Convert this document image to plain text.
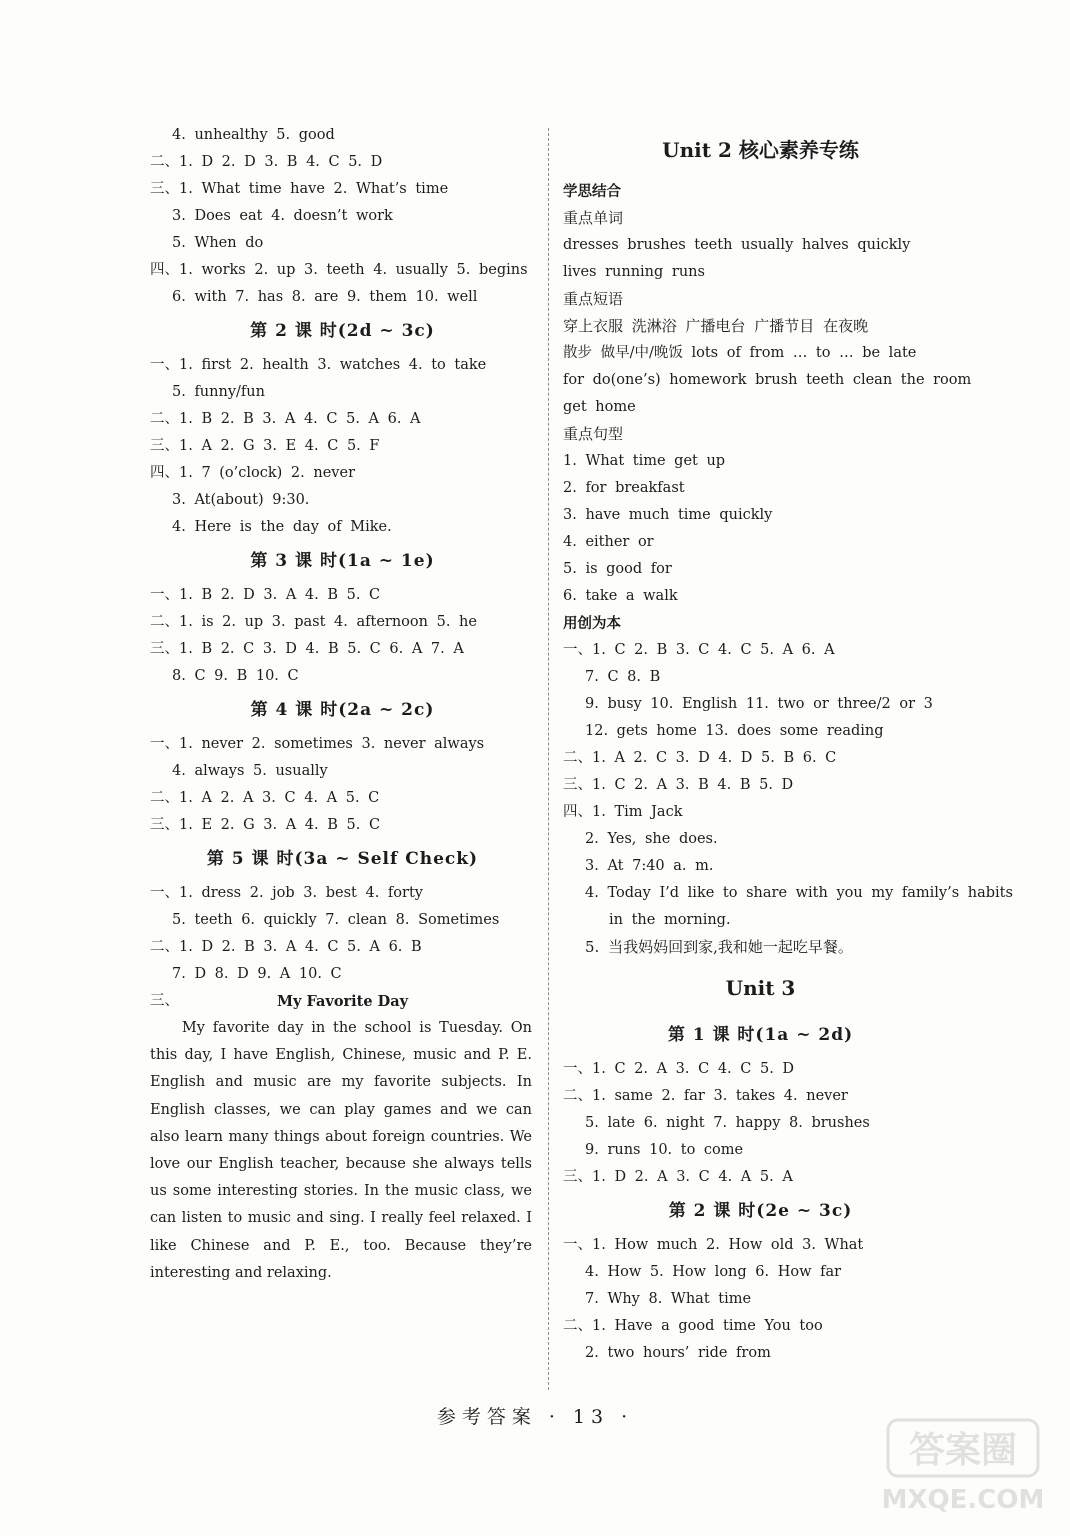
4. unhealthy 5. good
二、1. D 2. D 3. B 4. C 5. D
三、1. What time have 2. What’s time
3. Does eat 4. doesn’t work
5. When do
四、1. works 2. up 3. teeth 4. usually 5. begins
6. with 7. has 8. are 9. them 10. well
第 2 课 时(2d ~ 3c)
一、1. first 2. health 3. watches 4. to take
5. funny/fun
二、1. B 2. B 3. A 4. C 5. A 6. A
三、1. A 2. G 3. E 4. C 5. F
四、1. 7 (o’clock) 2. never
3. At(about) 9:30.
4. Here is the day of Mike.
第 3 课 时(1a ~ 1e)
一、1. B 2. D 3. A 4. B 5. C
二、1. is 2. up 3. past 4. afternoon 5. he
三、1. B 2. C 3. D 4. B 5. C 6. A 7. A
8. C 9. B 10. C
第 4 课 时(2a ~ 2c)
一、1. never 2. sometimes 3. never always
4. always 5. usually
二、1. A 2. A 3. C 4. A 5. C
三、1. E 2. G 3. A 4. B 5. C
第 5 课 时(3a ~ Self Check)
一、1. dress 2. job 3. best 4. forty
5. teeth 6. quickly 7. clean 8. Sometimes
二、1. D 2. B 3. A 4. C 5. A 6. B
7. D 8. D 9. A 10. C
三、	My Favorite Day

My favorite day in the school is Tuesday. On this day, I have English, Chinese, music and P. E. English and music are my favorite subjects. In English classes, we can play games and we can also learn many things about foreign countries. We love our English teacher, because she always tells us some interesting stories. In the music class, we can listen to music and sing. I really feel relaxed. I like Chinese and P. E., too. Because they’re interesting and relaxing.

Unit 2 核心素养专练
学思结合
重点单词
dresses brushes teeth usually halves quickly
lives running runs
重点短语
穿上衣服 洗淋浴 广播电台 广播节目 在夜晚
散步 做早/中/晚饭 lots of from … to … be late
for do(one’s) homework brush teeth clean the room
get home
重点句型
1. What time get up
2. for breakfast
3. have much time quickly
4. either or
5. is good for
6. take a walk
用创为本
一、1. C 2. B 3. C 4. C 5. A 6. A
7. C 8. B
9. busy 10. English 11. two or three/2 or 3
12. gets home 13. does some reading
二、1. A 2. C 3. D 4. D 5. B 6. C
三、1. C 2. A 3. B 4. B 5. D
四、1. Tim Jack
2. Yes, she does.
3. At 7:40 a. m.
4. Today I’d like to share with you my family’s habits
in the morning.
5. 当我妈妈回到家,我和她一起吃早餐。
Unit 3
第 1 课 时(1a ~ 2d)
一、1. C 2. A 3. C 4. C 5. D
二、1. same 2. far 3. takes 4. never
5. late 6. night 7. happy 8. brushes
9. runs 10. to come
三、1. D 2. A 3. C 4. A 5. A
第 2 课 时(2e ~ 3c)
一、1. How much 2. How old 3. What
4. How 5. How long 6. How far
7. Why 8. What time
二、1. Have a good time You too
2. two hours’ ride from
参考答案 · 13 ·
答案圈
MXQE.COM
